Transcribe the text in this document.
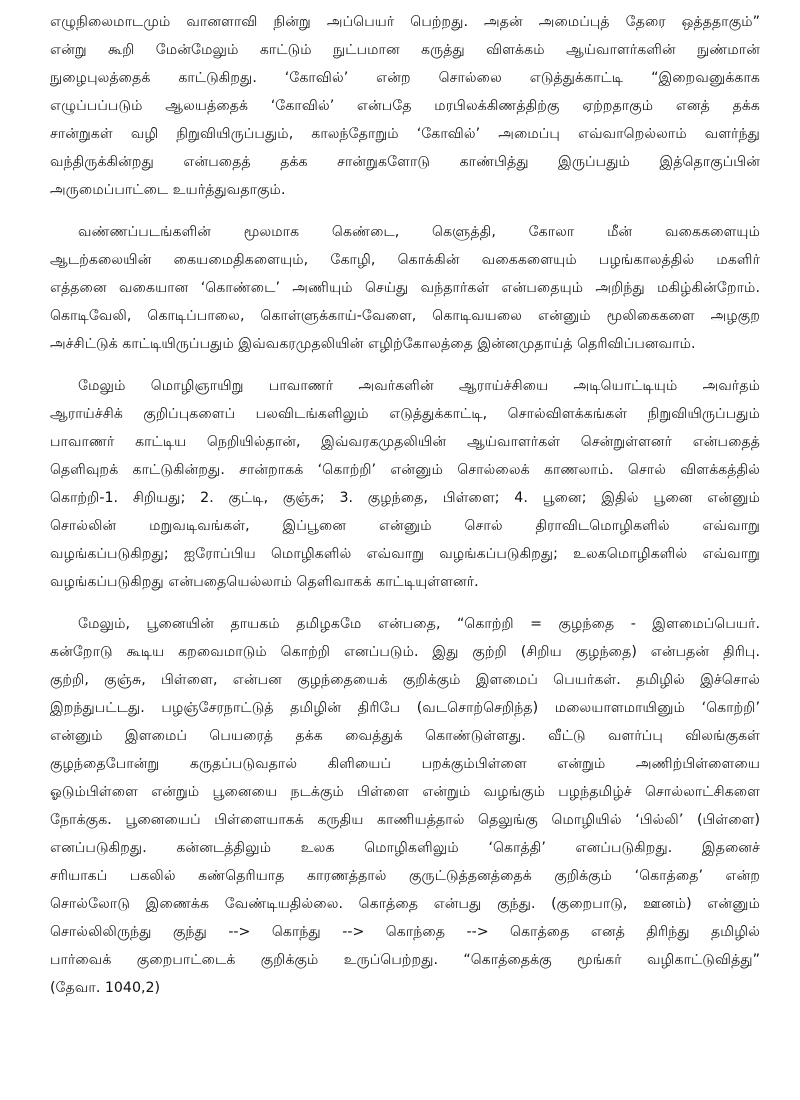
எழுநிலைமாடமும் வானளாவி நின்று அப்பெயர் பெற்றது. அதன் அமைப்புத் தேரை ஒத்ததாகும்”
என்று கூறி மேன்மேலும் காட்டும் நுட்பமான கருத்து விளக்கம் ஆய்வாளர்களின் நுண்மான்
நுழைபுலத்தைக் காட்டுகிறது. ‘கோவில்’ என்ற சொல்லை எடுத்துக்காட்டி “இறைவனுக்காக
எழுப்பப்படும் ஆலயத்தைக் ‘கோவில்’ என்பதே மரபிலக்கிணத்திற்கு ஏற்றதாகும் எனத் தக்க
சான்றுகள் வழி நிறுவியிருப்பதும், காலந்தோறும் ‘கோவில்’ அமைப்பு எவ்வாறெல்லாம் வளர்ந்து
வந்திருக்கின்றது என்பதைத் தக்க சான்றுகளோடு காண்பித்து இருப்பதும் இத்தொகுப்பின்
அருமைப்பாட்டை உயர்த்துவதாகும்.
வண்ணப்படங்களின் மூலமாக கெண்டை, கெளுத்தி, கோலா மீன் வகைகளையும்
ஆடற்கலையின் கையமைதிகளையும், கோழி, கொக்கின் வகைகளையும் பழங்காலத்தில் மகளிர்
எத்தனை வகையான ‘கொண்டை’ அணியும் செய்து வந்தார்கள் என்பதையும் அறிந்து மகிழ்கின்றோம்.
கொடிவேலி, கொடிப்பாலை, கொள்ளுக்காய்-வேளை, கொடிவயலை என்னும் மூலிகைகளை அழகுற
அச்சிட்டுக் காட்டியிருப்பதும் இவ்வகரமுதலியின் எழிற்கோலத்தை இன்னமுதாய்த் தெரிவிப்பனவாம்.
மேலும் மொழிஞாயிறு பாவாணர் அவர்களின் ஆராய்ச்சியை அடியொட்டியும் அவர்தம்
ஆராய்ச்சிக் குறிப்புகளைப் பலவிடங்களிலும் எடுத்துக்காட்டி, சொல்விளக்கங்கள் நிறுவியிருப்பதும்
பாவாணர் காட்டிய நெறியில்தான், இவ்வரகமுதலியின் ஆய்வாளர்கள் சென்றுள்ளனர் என்பதைத்
தெளிவுறக் காட்டுகின்றது. சான்றாகக் ‘கொற்றி’ என்னும் சொல்லைக் காணலாம். சொல் விளக்கத்தில்
கொற்றி-1. சிறியது; 2. குட்டி, குஞ்சு; 3. குழந்தை, பிள்ளை; 4. பூனை; இதில் பூனை என்னும்
சொல்லின் மறுவடிவங்கள், இப்பூனை என்னும் சொல் திராவிடமொழிகளில் எவ்வாறு
வழங்கப்படுகிறது; ஐரோப்பிய மொழிகளில் எவ்வாறு வழங்கப்படுகிறது; உலகமொழிகளில் எவ்வாறு
வழங்கப்படுகிறது என்பதையெல்லாம் தெளிவாகக் காட்டியுள்ளனர்.
மேலும், பூனையின் தாயகம் தமிழகமே என்பதை, “கொற்றி = குழந்தை - இளமைப்பெயர்.
கன்றோடு கூடிய கறவைமாடும் கொற்றி எனப்படும். இது குற்றி (சிறிய குழந்தை) என்பதன் திரிபு.
குற்றி, குஞ்சு, பிள்ளை, என்பன குழந்தையைக் குறிக்கும் இளமைப் பெயர்கள். தமிழில் இச்சொல்
இறந்துபட்டது. பழஞ்சேரநாட்டுத் தமிழின் திரிபே (வடசொற்செறிந்த) மலையாளமாயினும் ‘கொற்றி’
என்னும் இளமைப் பெயரைத் தக்க வைத்துக் கொண்டுள்ளது. வீட்டு வளர்ப்பு விலங்குகள்
குழந்தைபோன்று கருதப்படுவதால் கிளியைப் பறக்கும்பிள்ளை என்றும் அணிற்பிள்ளையை
ஓடும்பிள்ளை என்றும் பூனையை நடக்கும் பிள்ளை என்றும் வழங்கும் பழந்தமிழ்ச் சொல்லாட்சிகளை
நோக்குக. பூனையைப் பிள்ளையாகக் கருதிய காணியத்தால் தெலுங்கு மொழியில் ‘பில்லி’ (பிள்ளை)
எனப்படுகிறது. கன்னடத்திலும் உலக மொழிகளிலும் ‘கொத்தி’ எனப்படுகிறது. இதனைச்
சரியாகப் பகலில் கண்தெரியாத காரணத்தால் குருட்டுத்தனத்தைக் குறிக்கும் ‘கொத்தை’ என்ற
சொல்லோடு இணைக்க வேண்டியதில்லை. கொத்தை என்பது குந்து. (குறைபாடு, ஊனம்) என்னும்
சொல்லிலிருந்து குந்து --> கொந்து --> கொந்தை --> கொத்தை எனத் திரிந்து தமிழில்
பார்வைக் குறைபாட்டைக் குறிக்கும் உருப்பெற்றது. “கொத்தைக்கு மூங்கர் வழிகாட்டுவித்து”
(தேவா. 1040,2)
